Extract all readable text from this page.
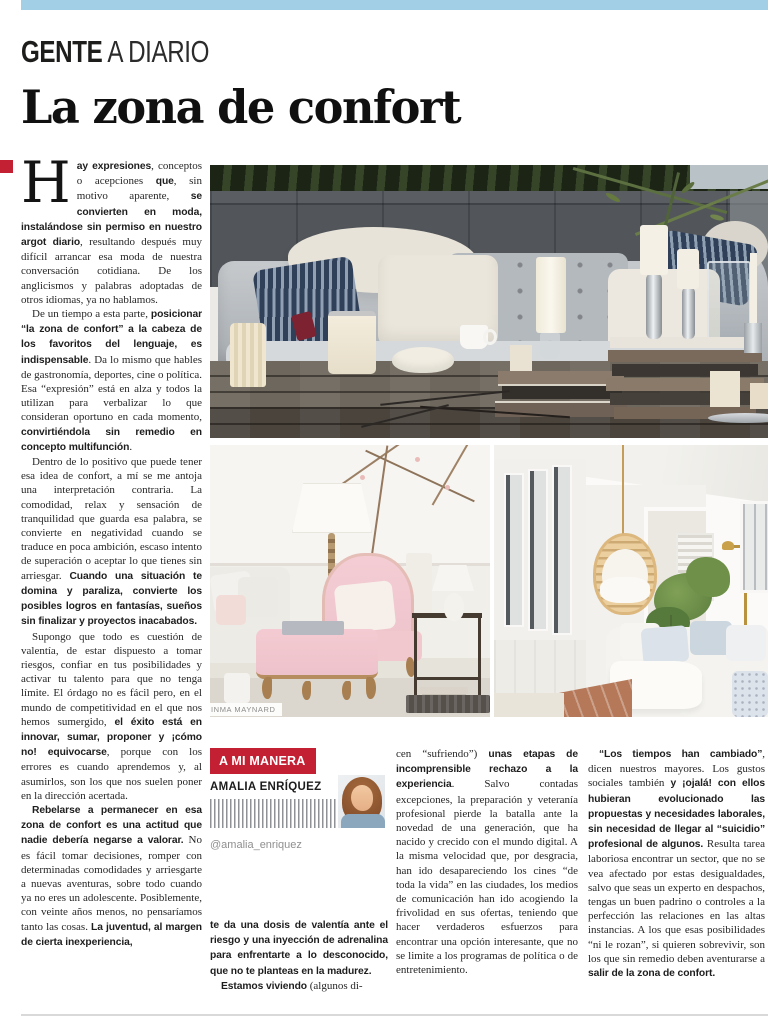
GENTE A DIARIO
La zona de confort
INMA MAYNARD
A MI MANERA
AMALIA ENRÍQUEZ
@amalia_enriquez

Hay expresiones, conceptos o acepciones que, sin motivo aparente, se convierten en moda, instalándose sin permiso en nuestro argot diario, resultando después muy difícil arrancar esa moda de nuestra conversación cotidiana. De los anglicismos y palabras adoptadas de otros idiomas, ya no hablamos.

De un tiempo a esta parte, posicionar “la zona de confort” a la cabeza de los favoritos del lenguaje, es indispensable. Da lo mismo que hables de gastronomía, deportes, cine o política. Esa “expresión” está en alza y todos la utilizan para verbalizar lo que consideran oportuno en cada momento, convirtiéndola sin remedio en concepto multifunción.

Dentro de lo positivo que puede tener esa idea de confort, a mí se me antoja una interpretación contraria. La comodidad, relax y sensación de tranquilidad que guarda esa palabra, se convierte en negatividad cuando se traduce en poca ambición, escaso intento de superación o aceptar lo que tienes sin arriesgar. Cuando una situación te domina y paraliza, convierte los posibles logros en fantasías, sueños sin finalizar y proyectos inacabados.

Supongo que todo es cuestión de valentía, de estar dispuesto a tomar riesgos, confiar en tus posibilidades y activar tu talento para que no tenga límite. El órdago no es fácil pero, en el mundo de competitividad en el que nos hemos sumergido, el éxito está en innovar, sumar, proponer y ¡cómo no! equivocarse, porque con los errores es cuando aprendemos y, al asumirlos, son los que nos suelen poner en la dirección acertada.

Rebelarse a permanecer en esa zona de confort es una actitud que nadie debería negarse a valorar. No es fácil tomar decisiones, romper con determinadas comodidades y arriesgarte a nuevas aventuras, sobre todo cuando ya no eres un adolescente. Posiblemente, con veinte años menos, no pensaríamos tanto las cosas. La juventud, al margen de cierta inexperiencia,

te da una dosis de valentía ante el riesgo y una inyección de adrenalina para enfrentarte a lo desconocido, que no te planteas en la madurez.

Estamos viviendo (algunos di-

cen “sufriendo”) unas etapas de incomprensible rechazo a la experiencia. Salvo contadas excepciones, la preparación y veteranía profesional pierde la batalla ante la novedad de una generación, que ha nacido y crecido con el mundo digital. A la misma velocidad que, por desgracia, han ido desapareciendo los cines “de toda la vida” en las ciudades, los medios de comunicación han ido acogiendo la frivolidad en sus ofertas, teniendo que hacer verdaderos esfuerzos para encontrar una opción interesante, que no se limite a los programas de política o de entretenimiento.

“Los tiempos han cambiado”, dicen nuestros mayores. Los gustos sociales también y ¡ojalá! con ellos hubieran evolucionado las propuestas y necesidades laborales, sin necesidad de llegar al “suicidio” profesional de algunos. Resulta tarea laboriosa encontrar un sector, que no se vea afectado por estas desigualdades, salvo que seas un experto en despachos, tengas un buen padrino o controles a la perfección las relaciones en las altas instancias. A los que esas posibilidades “ni le rozan”, si quieren sobrevivir, son los que sin remedio deben aventurarse a salir de la zona de confort.
